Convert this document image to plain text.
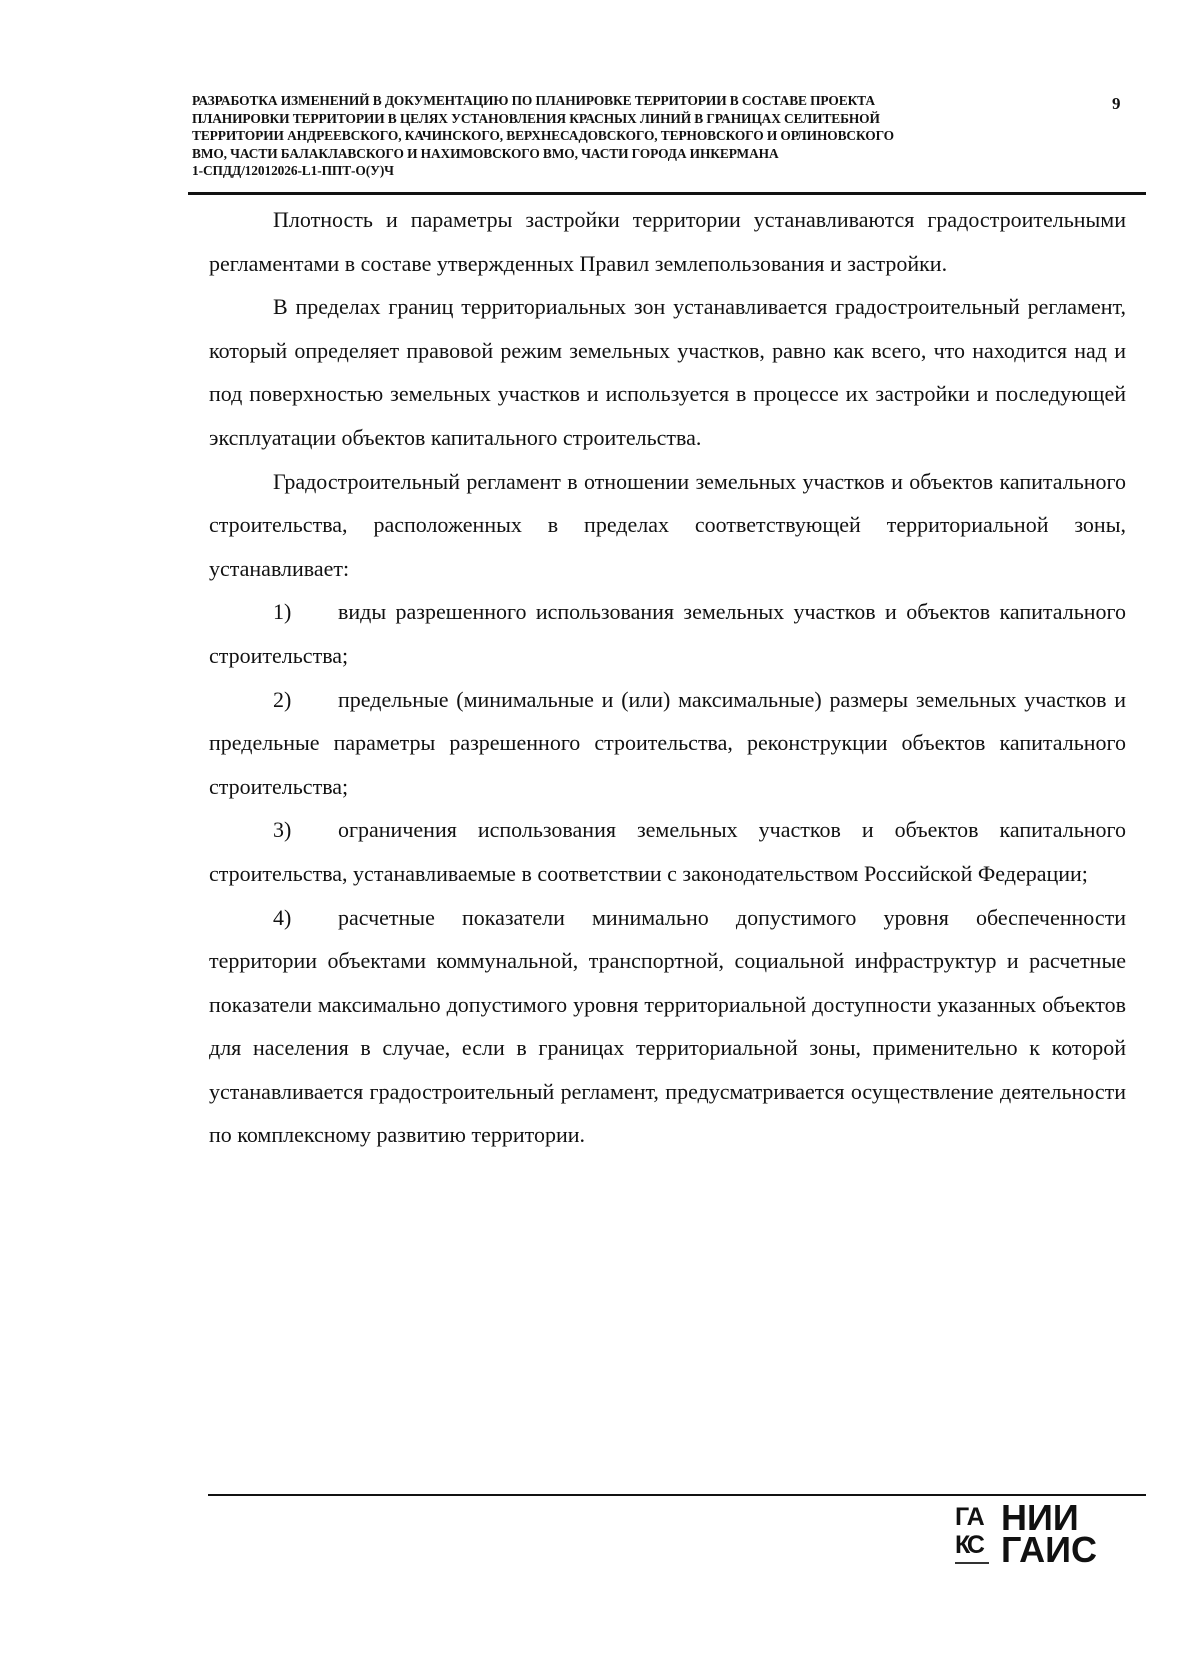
РАЗРАБОТКА ИЗМЕНЕНИЙ В ДОКУМЕНТАЦИЮ ПО ПЛАНИРОВКЕ ТЕРРИТОРИИ В СОСТАВЕ ПРОЕКТА
ПЛАНИРОВКИ ТЕРРИТОРИИ В ЦЕЛЯХ УСТАНОВЛЕНИЯ КРАСНЫХ ЛИНИЙ В ГРАНИЦАХ СЕЛИТЕБНОЙ
ТЕРРИТОРИИ АНДРЕЕВСКОГО, КАЧИНСКОГО, ВЕРХНЕСАДОВСКОГО, ТЕРНОВСКОГО И ОРЛИНОВСКОГО
ВМО, ЧАСТИ БАЛАКЛАВСКОГО И НАХИМОВСКОГО ВМО, ЧАСТИ ГОРОДА ИНКЕРМАНА
1-СПДД/12012026-L1-ППТ-О(У)Ч
9

Плотность и параметры застройки территории устанавливаются градостроительными регламентами в составе утвержденных Правил землепользования и застройки.

В пределах границ территориальных зон устанавливается градостроительный регламент, который определяет правовой режим земельных участков, равно как всего, что находится над и под поверхностью земельных участков и используется в процессе их застройки и последующей эксплуатации объектов капитального строительства.

Градостроительный регламент в отношении земельных участков и объектов капитального строительства, расположенных в пределах соответствующей территориальной зоны, устанавливает:

1) виды разрешенного использования земельных участков и объектов капитального строительства;

2) предельные (минимальные и (или) максимальные) размеры земельных участков и предельные параметры разрешенного строительства, реконструкции объектов капитального строительства;

3) ограничения использования земельных участков и объектов капитального строительства, устанавливаемые в соответствии с законодательством Российской Федерации;

4) расчетные показатели минимально допустимого уровня обеспеченности территории объектами коммунальной, транспортной, социальной инфраструктур и расчетные показатели максимально допустимого уровня территориальной доступности указанных объектов для населения в случае, если в границах территориальной зоны, применительно к которой устанавливается градостроительный регламент, предусматривается осуществление деятельности по комплексному развитию территории.

ГА
КС
НИИ
ГАИС
